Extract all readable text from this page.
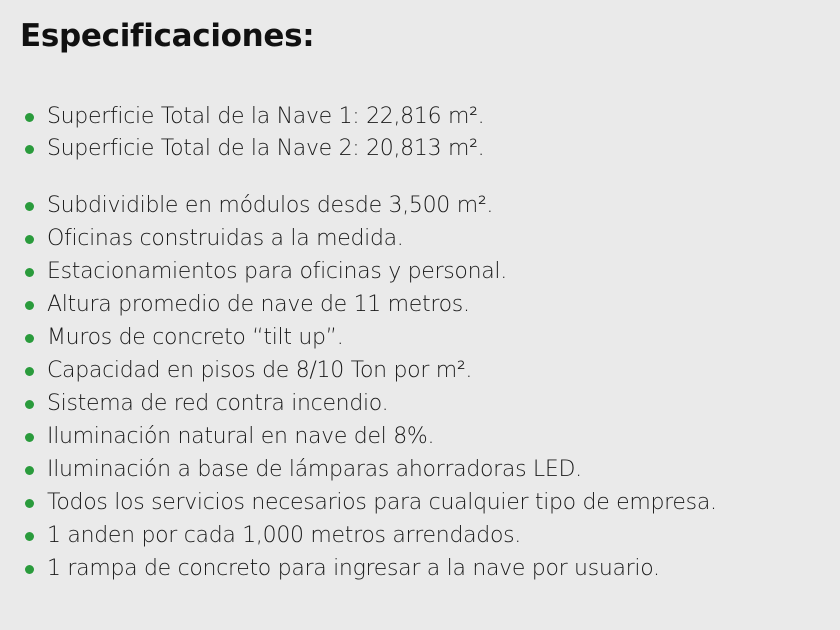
Especificaciones:
Superficie Total de la Nave 1: 22,816 m².
Superficie Total de la Nave 2: 20,813 m².
Subdividible en módulos desde 3,500 m².
Oficinas construidas a la medida.
Estacionamientos para oficinas y personal.
Altura promedio de nave de 11 metros.
Muros de concreto “tilt up”.
Capacidad en pisos de 8/10 Ton por m².
Sistema de red contra incendio.
Iluminación natural en nave del 8%.
Iluminación a base de lámparas ahorradoras LED.
Todos los servicios necesarios para cualquier tipo de empresa.
1 anden por cada 1,000 metros arrendados.
1 rampa de concreto para ingresar a la nave por usuario.
